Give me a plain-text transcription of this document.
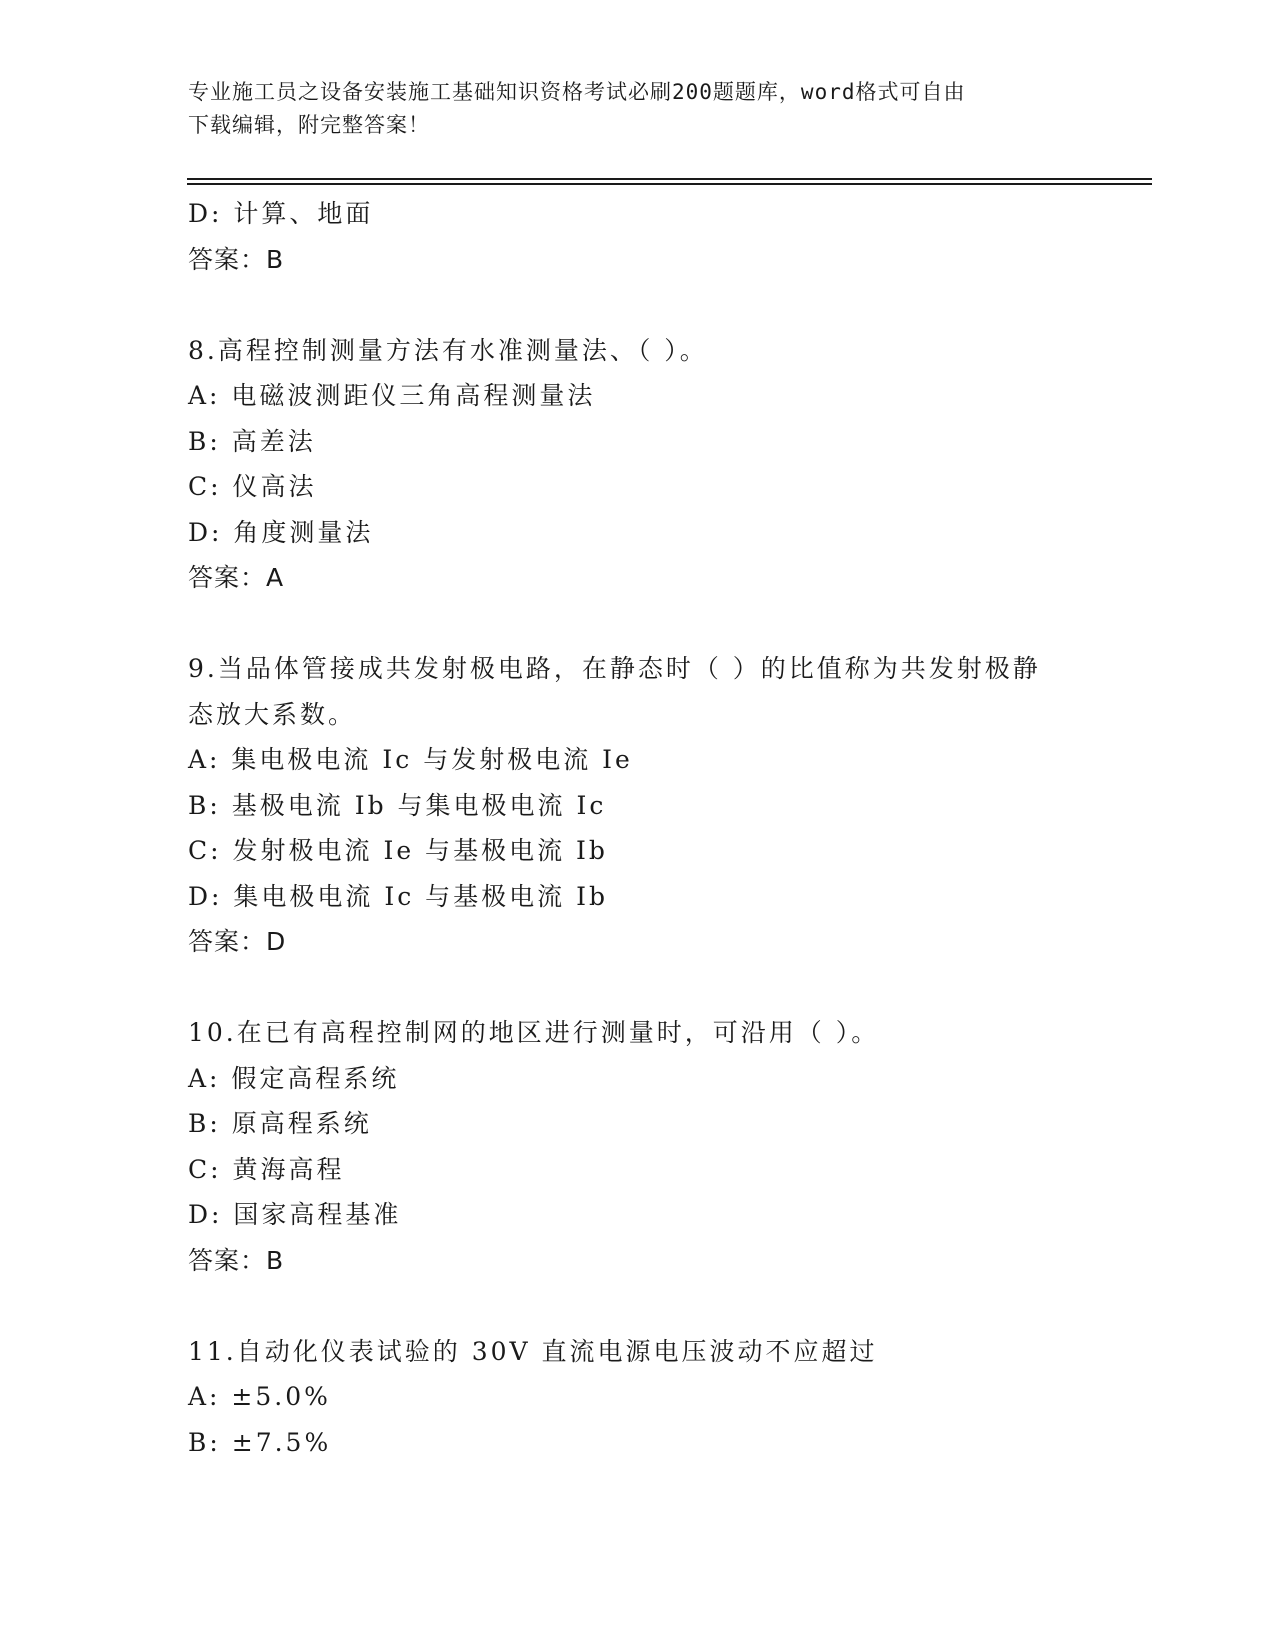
专业施工员之设备安装施工基础知识资格考试必刷200题题库，word格式可自由
下载编辑，附完整答案！
D: 计算、地面
答案：B
8.高程控制测量方法有水准测量法、（ ）。
A: 电磁波测距仪三角高程测量法
B: 高差法
C: 仪高法
D: 角度测量法
答案：A
9.当品体管接成共发射极电路，在静态时（ ）的比值称为共发射极静
态放大系数。
A: 集电极电流 Ic 与发射极电流 Ie
B: 基极电流 Ib 与集电极电流 Ic
C: 发射极电流 Ie 与基极电流 Ib
D: 集电极电流 Ic 与基极电流 Ib
答案：D
10.在已有高程控制网的地区进行测量时，可沿用（ ）。
A: 假定高程系统
B: 原高程系统
C: 黄海高程
D: 国家高程基准
答案：B
11.自动化仪表试验的 30V 直流电源电压波动不应超过
A: ±5.0%
B: ±7.5%
